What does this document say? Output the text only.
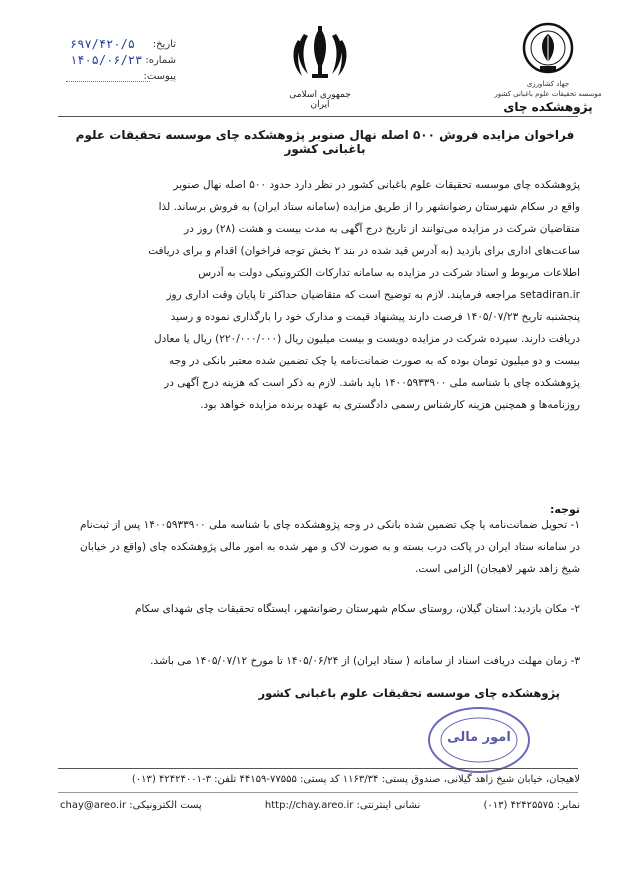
تاریخ:
۶۹۷/۴۲۰/۵
شماره:
۱۴۰۵/۰۶/۲۳
پیوست:
جمهوری اسلامی ایران
جهاد کشاورزی
موسسه تحقیقات علوم باغبانی کشور
پژوهشکده چای
فراخوان مزایده فروش ۵۰۰ اصله نهال صنوبر پژوهشکده چای موسسه تحقیقات علوم باغبانی کشور
پژوهشکده چای موسسه تحقیقات علوم باغبانی کشور در نظر دارد حدود ۵۰۰ اصله نهال صنوبر
واقع در سکام شهرستان رضوانشهر را از طریق مزایده (سامانه ستاد ایران) به فروش برساند. لذا
متقاضیان شرکت در مزایده می‌توانند از تاریخ درج آگهی به مدت بیست و هشت (۲۸) روز در
ساعت‌های اداری برای بازدید (به آدرس قید شده در بند ۲ بخش توجه فراخوان) اقدام و برای دریافت
اطلاعات مربوط و اسناد شرکت در مزایده به سامانه تدارکات الکترونیکی دولت به آدرس
setadiran.ir مراجعه فرمایند. لازم به توضیح است که متقاضیان حداکثر تا پایان وقت اداری روز
پنجشنبه تاریخ ۱۴۰۵/۰۷/۲۳ فرصت دارند پیشنهاد قیمت و مدارک خود را بارگذاری نموده و رسید
دریافت دارند. سپرده شرکت در مزایده دویست و بیست میلیون ریال (۲۲۰/۰۰۰/۰۰۰) ریال یا معادل
بیست و دو میلیون تومان بوده که به صورت ضمانت‌نامه یا چک تضمین شده معتبر بانکی در وجه
پژوهشکده چای با شناسه ملی ۱۴۰۰۵۹۳۳۹۰۰ باید باشد. لازم به ذکر است که هزینه درج آگهی در
روزنامه‌ها و همچنین هزینه کارشناس رسمی دادگستری به عهده برنده مزایده خواهد بود.
توجه:
۱- تحویل ضمانت‌نامه یا چک تضمین شده بانکی در وجه پژوهشکده چای با شناسه ملی ۱۴۰۰۵۹۳۳۹۰۰ پس از ثبت‌نام در سامانه ستاد ایران در پاکت درب بسته و به صورت لاک و مهر شده به امور مالی پژوهشکده چای (واقع در خیابان شیخ زاهد شهر لاهیجان) الزامی است.
۲- مکان بازدید: استان گیلان، روستای سکام شهرستان رضوانشهر، ایستگاه تحقیقات چای شهدای سکام
۳- زمان مهلت دریافت اسناد از سامانه ( ستاد ایران) از ۱۴۰۵/۰۶/۲۴ تا مورخ ۱۴۰۵/۰۷/۱۲ می باشد.
پژوهشکده چای موسسه تحقیقات علوم باغبانی کشور
امور مالی
لاهیجان، خیابان شیخ زاهد گیلانی، صندوق پستی: ۱۱۶۳/۳۴ کد پستی: ۷۷۵۵۵-۴۴۱۵۹ تلفن: ۳-۴۲۴۲۴۰۰۱ (۰۱۳)
نمابر: ۴۲۴۲۵۵۷۵ (۰۱۳)
نشانی اینترنتی: http://chay.areo.ir
پست الکترونیکی: chay@areo.ir
